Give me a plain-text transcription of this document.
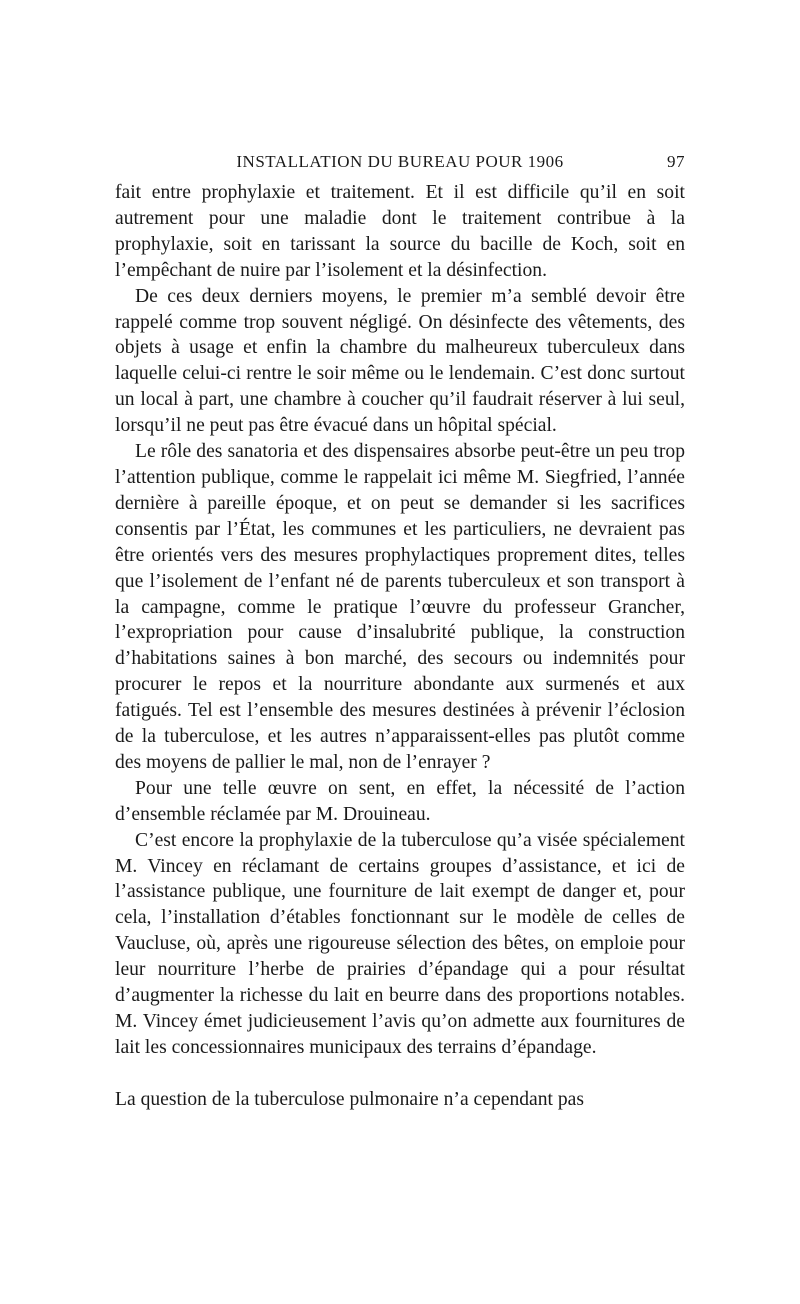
INSTALLATION DU BUREAU POUR 1906	97

fait entre prophylaxie et traitement. Et il est difficile qu’il en soit autrement pour une maladie dont le traitement contribue à la prophylaxie, soit en tarissant la source du bacille de Koch, soit en l’empêchant de nuire par l’isolement et la désinfection.

De ces deux derniers moyens, le premier m’a semblé devoir être rappelé comme trop souvent négligé. On désinfecte des vêtements, des objets à usage et enfin la chambre du malheureux tuberculeux dans laquelle celui-ci rentre le soir même ou le lendemain. C’est donc surtout un local à part, une chambre à coucher qu’il faudrait réserver à lui seul, lorsqu’il ne peut pas être évacué dans un hôpital spécial.

Le rôle des sanatoria et des dispensaires absorbe peut-être un peu trop l’attention publique, comme le rappelait ici même M. Siegfried, l’année dernière à pareille époque, et on peut se demander si les sacrifices consentis par l’État, les communes et les particuliers, ne devraient pas être orientés vers des mesures prophylactiques proprement dites, telles que l’isolement de l’enfant né de parents tuberculeux et son transport à la campagne, comme le pratique l’œuvre du professeur Grancher, l’expropriation pour cause d’insalubrité publique, la construction d’habitations saines à bon marché, des secours ou indemnités pour procurer le repos et la nourriture abondante aux surmenés et aux fatigués. Tel est l’ensemble des mesures destinées à prévenir l’éclosion de la tuberculose, et les autres n’apparaissent-elles pas plutôt comme des moyens de pallier le mal, non de l’enrayer ?

Pour une telle œuvre on sent, en effet, la nécessité de l’action d’ensemble réclamée par M. Drouineau.

C’est encore la prophylaxie de la tuberculose qu’a visée spécialement M. Vincey en réclamant de certains groupes d’assistance, et ici de l’assistance publique, une fourniture de lait exempt de danger et, pour cela, l’installation d’étables fonctionnant sur le modèle de celles de Vaucluse, où, après une rigoureuse sélection des bêtes, on emploie pour leur nourriture l’herbe de prairies d’épandage qui a pour résultat d’augmenter la richesse du lait en beurre dans des proportions notables. M. Vincey émet judicieusement l’avis qu’on admette aux fournitures de lait les concessionnaires municipaux des terrains d’épandage.

La question de la tuberculose pulmonaire n’a cependant pas
